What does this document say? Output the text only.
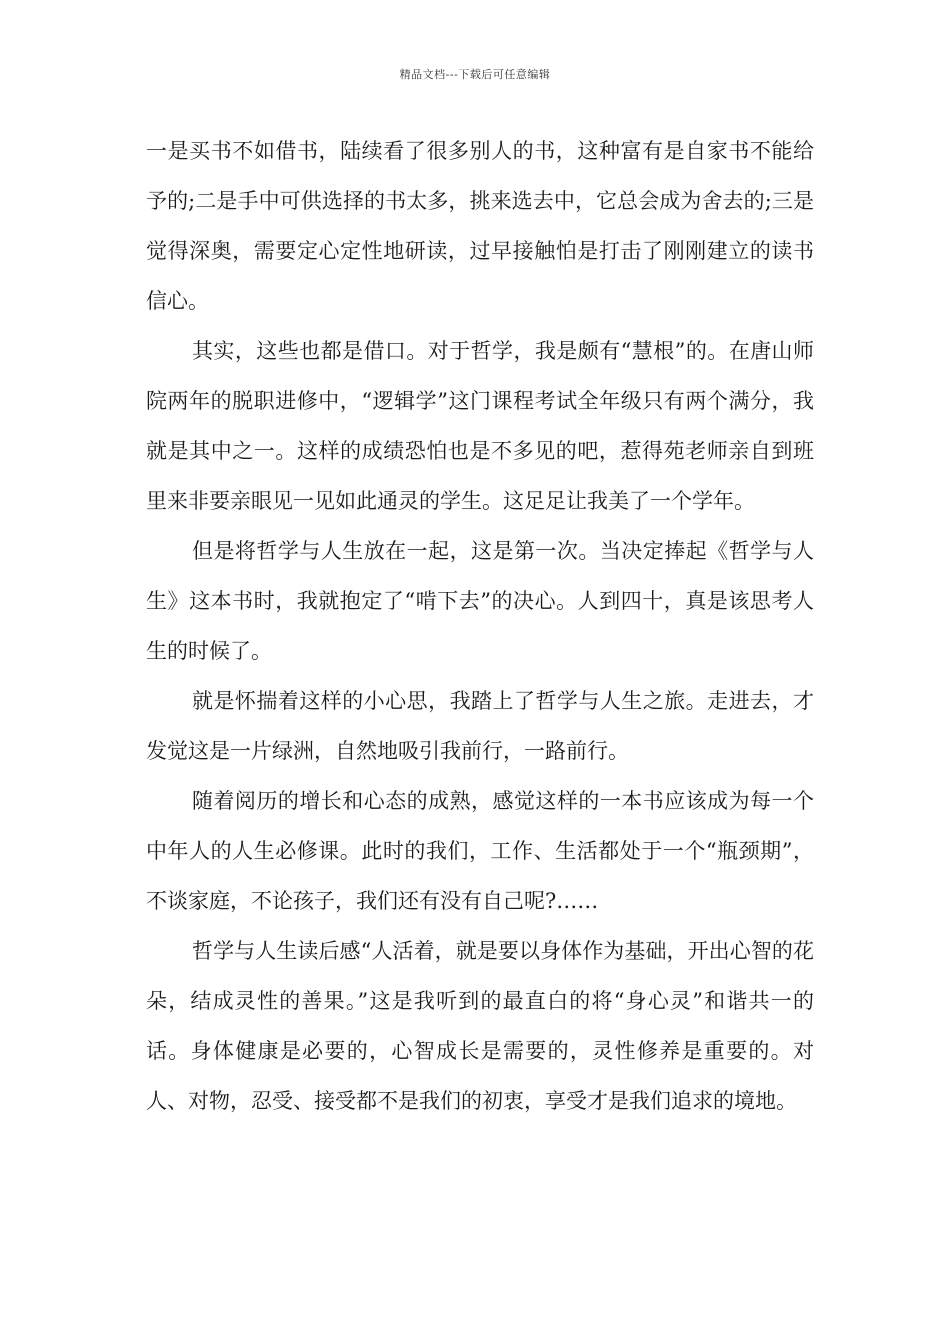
精品文档---下载后可任意编辑

一是买书不如借书，陆续看了很多别人的书，这种富有是自家书不能给予的;二是手中可供选择的书太多，挑来选去中，它总会成为舍去的;三是觉得深奥，需要定心定性地研读，过早接触怕是打击了刚刚建立的读书信心。

其实，这些也都是借口。对于哲学，我是颇有“慧根”的。在唐山师院两年的脱职进修中，“逻辑学”这门课程考试全年级只有两个满分，我就是其中之一。这样的成绩恐怕也是不多见的吧，惹得苑老师亲自到班里来非要亲眼见一见如此通灵的学生。这足足让我美了一个学年。

但是将哲学与人生放在一起，这是第一次。当决定捧起《哲学与人生》这本书时，我就抱定了“啃下去”的决心。人到四十，真是该思考人生的时候了。

就是怀揣着这样的小心思，我踏上了哲学与人生之旅。走进去，才发觉这是一片绿洲，自然地吸引我前行，一路前行。

随着阅历的增长和心态的成熟，感觉这样的一本书应该成为每一个中年人的人生必修课。此时的我们，工作、生活都处于一个“瓶颈期”，不谈家庭，不论孩子，我们还有没有自己呢?……

哲学与人生读后感“人活着，就是要以身体作为基础，开出心智的花朵，结成灵性的善果。”这是我听到的最直白的将“身心灵”和谐共一的话。身体健康是必要的，心智成长是需要的，灵性修养是重要的。对人、对物，忍受、接受都不是我们的初衷，享受才是我们追求的境地。
